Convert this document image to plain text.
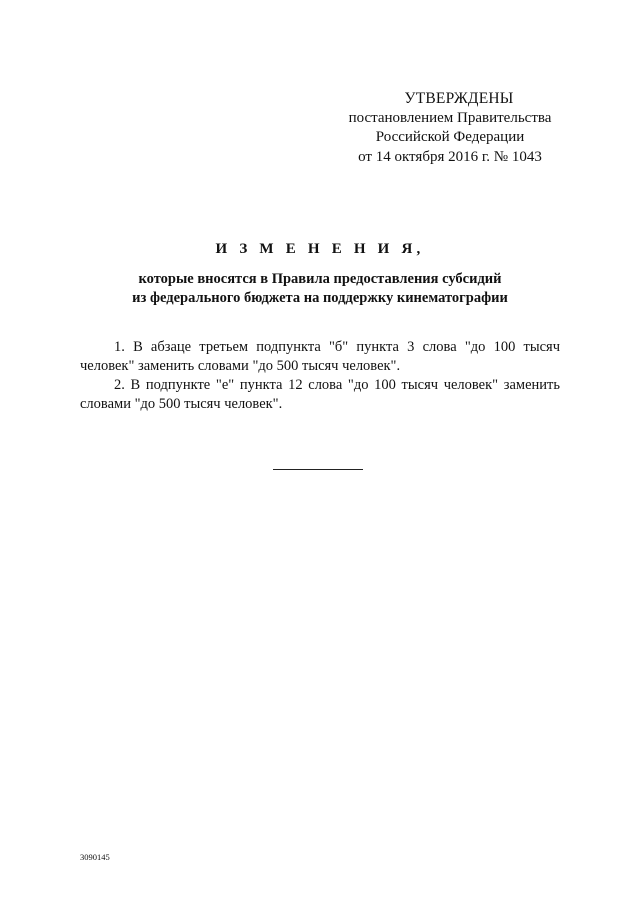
УТВЕРЖДЕНЫ
постановлением Правительства
Российской Федерации
от 14 октября 2016 г. № 1043
И З М Е Н Е Н И Я,
которые вносятся в Правила предоставления субсидий
из федерального бюджета на поддержку кинематографии

1. В абзаце третьем подпункта "б" пункта 3 слова "до 100 тысяч человек" заменить словами "до 500 тысяч человек".

2. В подпункте "е" пункта 12 слова "до 100 тысяч человек" заменить словами "до 500 тысяч человек".

3090145
